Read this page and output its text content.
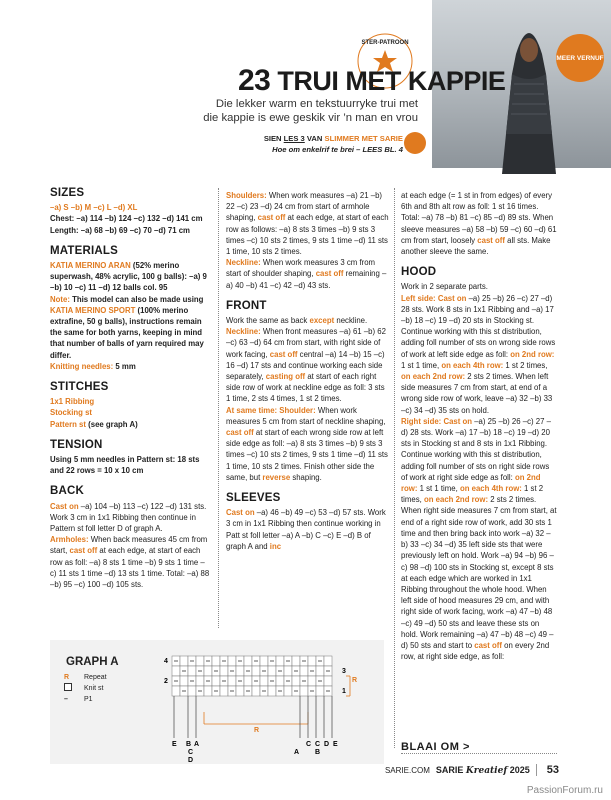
MEER VERNUF
STER-PATROON
23 TRUI MET KAPPIE
Die lekker warm en tekstuurryke trui met die kappie is ewe geskik vir ’n man en vrou
SIEN LES 3 VAN SLIMMER MET SARIE
Hoe om enkelrif te brei – LEES BL. 4
SIZES

–a) S –b) M –c) L –d) XL

Chest: –a) 114 –b) 124 –c) 132 –d) 141 cm

Length: –a) 68 –b) 69 –c) 70 –d) 71 cm

MATERIALS

KATIA MERINO ARAN (52% merino superwash, 48% acrylic, 100 g balls): –a) 9 –b) 10 –c) 11 –d) 12 balls col. 95

Note: This model can also be made using KATIA MERINO SPORT (100% merino extrafine, 50 g balls), instructions remain the same for both yarns, keeping in mind that number of balls of yarn required may differ.

Knitting needles: 5 mm

STITCHES

1x1 Ribbing

Stocking st

Pattern st (see graph A)

TENSION

Using 5 mm needles in Pattern st: 18 sts and 22 rows = 10 x 10 cm

BACK

Cast on –a) 104 –b) 113 –c) 122 –d) 131 sts. Work 3 cm in 1x1 Ribbing then continue in Pattern st foll letter D of graph A.

Armholes: When back measures 45 cm from start, cast off at each edge, at start of each row as foll: –a) 8 sts 1 time –b) 9 sts 1 time –c) 11 sts 1 time –d) 13 sts 1 time. Total: –a) 88 –b) 95 –c) 100 –d) 105 sts.

Shoulders: When work measures –a) 21 –b) 22 –c) 23 –d) 24 cm from start of armhole shaping, cast off at each edge, at start of each row as follows: –a) 8 sts 3 times –b) 9 sts 3 times –c) 10 sts 2 times, 9 sts 1 time –d) 11 sts 1 time, 10 sts 2 times.

Neckline: When work measures 3 cm from start of shoulder shaping, cast off remaining –a) 40 –b) 41 –c) 42 –d) 43 sts.

FRONT

Work the same as back except neckline.

Neckline: When front measures –a) 61 –b) 62 –c) 63 –d) 64 cm from start, with right side of work facing, cast off central –a) 14 –b) 15 –c) 16 –d) 17 sts and continue working each side separately, casting off at start of each right side row of work at neckline edge as foll: 3 sts 1 time, 2 sts 4 times, 1 st 2 times.

At same time: Shoulder: When work measures 5 cm from start of neckline shaping, cast off at start of each wrong side row at left side edge as foll: –a) 8 sts 3 times –b) 9 sts 3 times –c) 10 sts 2 times, 9 sts 1 time –d) 11 sts 1 time, 10 sts 2 times. Finish other side the same, but reverse shaping.

SLEEVES

Cast on –a) 46 –b) 49 –c) 53 –d) 57 sts. Work 3 cm in 1x1 Ribbing then continue working in Patt st foll letter –a) A –b) C –c) E –d) B of graph A and inc

at each edge (= 1 st in from edges) of every 6th and 8th alt row as foll: 1 st 16 times. Total: –a) 78 –b) 81 –c) 85 –d) 89 sts. When sleeve measures –a) 58 –b) 59 –c) 60 –d) 61 cm from start, loosely cast off all sts. Make another sleeve the same.

HOOD

Work in 2 separate parts.

Left side: Cast on –a) 25 –b) 26 –c) 27 –d) 28 sts. Work 8 sts in 1x1 Ribbing and –a) 17 –b) 18 –c) 19 –d) 20 sts in Stocking st. Continue working with this st distribution, adding foll number of sts on wrong side rows of work at left side edge as foll: on 2nd row: 1 st 1 time, on each 4th row: 1 st 2 times, on each 2nd row: 2 sts 2 times. When left side measures 7 cm from start, at end of a wrong side row of work, leave –a) 32 –b) 33 –c) 34 –d) 35 sts on hold.

Right side: Cast on –a) 25 –b) 26 –c) 27 –d) 28 sts. Work –a) 17 –b) 18 –c) 19 –d) 20 sts in Stocking st and 8 sts in 1x1 Ribbing. Continue working with this st distribution, adding foll number of sts on right side rows of work at right side edge as foll: on 2nd row: 1 st 1 time, on each 4th row: 1 st 2 times, on each 2nd row: 2 sts 2 times. When right side measures 7 cm from start, at end of a right side row of work, add 30 sts 1 time and then bring back into work –a) 32 –b) 33 –c) 34 –d) 35 left side sts that were previously left on hold. Work –a) 94 –b) 96 –c) 98 –d) 100 sts in Stocking st, except 8 sts at each edge which are worked in 1x1 Ribbing throughout the whole hood. When left side of hood measures 29 cm, and with right side of work facing, work –a) 47 –b) 48 –c) 49 –d) 50 sts and leave these sts on hold. Work remaining –a) 47 –b) 48 –c) 49 –d) 50 sts and start to cast off on every 2nd row, at right side edge, as foll:

GRAPH A
R	Repeat
Knit st
–	P1
4
2
3
1
R
R
E B A
C
D
A
C C D E
B	BLAAI OM >
SARIE.COM SARIE Kreatief 2025 53
PassionForum.ru
